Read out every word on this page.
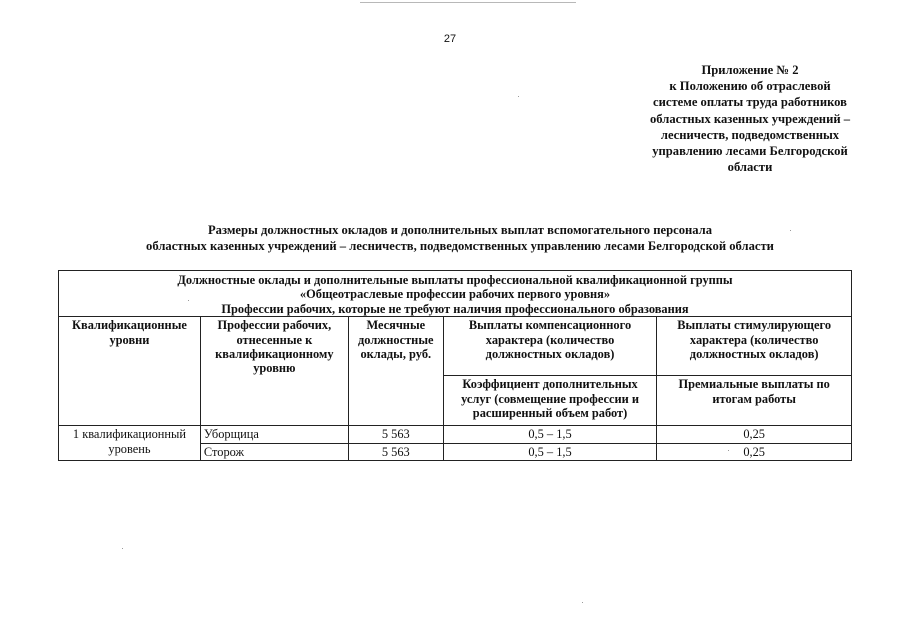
27
Приложение № 2
к Положению об отраслевой
системе оплаты труда работников
областных казенных учреждений –
лесничеств, подведомственных
управлению лесами Белгородской
области
Размеры должностных окладов и дополнительных выплат вспомогательного персонала
областных казенных учреждений – лесничеств, подведомственных управлению лесами Белгородской области
Должностные оклады и дополнительные выплаты профессиональной квалификационной группы
«Общеотраслевые профессии рабочих первого уровня»
Профессии рабочих, которые не требуют наличия профессионального образования				

Квалификационные уровни	Профессии рабочих, отнесенные к квалификационному уровню	Месячные должностные оклады, руб.	Выплаты компенсационного характера (количество должностных окладов)	Выплаты стимулирующего характера (количество должностных окладов)
			Коэффициент дополнительных услуг (совмещение профессии и расширенный объем работ)	Премиальные выплаты по итогам работы
1 квалификационный уровень	Уборщица	5 563	0,5 – 1,5	0,25
	Сторож	5 563	0,5 – 1,5	0,25
